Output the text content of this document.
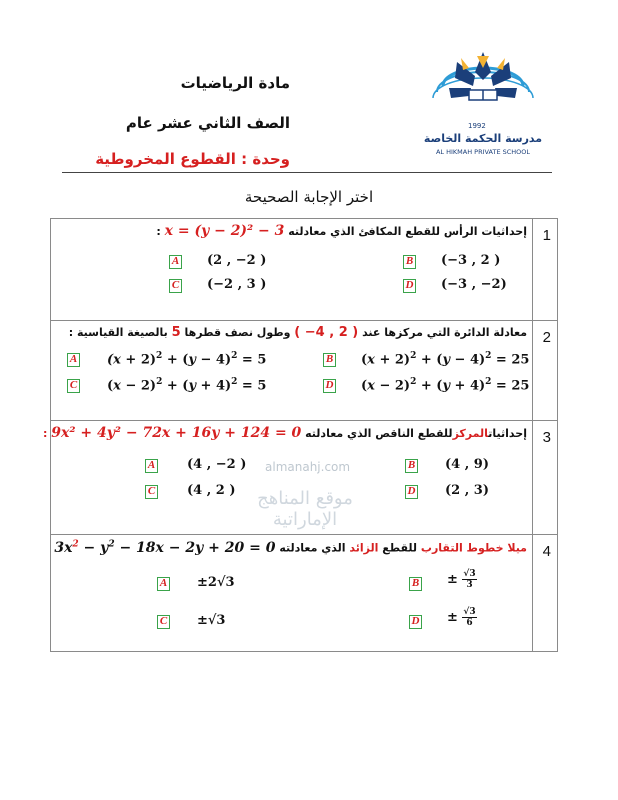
مادة الرياضيات
الصف الثاني عشر عام
وحدة : القطوع المخروطية
1992
مدرسة الحكمة الخاصة
AL HIKMAH PRIVATE SCHOOL
اختر الإجابة الصحيحة
1
إحداثيات الرأس للقطع المكافئ الذي معادلته x = (y − 2)² − 3 :
A (2 , −2 )	B (−3 , 2 )
C (−2 , 3 )	D (−3 , −2)
2
معادلة الدائرة التي مركزها عند ( 2 , 4− ) وطول نصف قطرها 5 بالصيغة القياسية :
A $(x + 2)^2 + (y - 4)^2 = 5$	B $(x + 2)^2 + (y - 4)^2 = 25$
C $(x - 2)^2 + (y + 4)^2 = 5$	D $(x - 2)^2 + (y + 4)^2 = 25$
3
إحداثياتالمركزللقطع الناقص الذي معادلته 9x² + 4y² − 72x + 16y + 124 = 0 :
A (4 , −2 )	B (4 , 9)
C (4 , 2 )	D (2 , 3)
4
ميلا خطوط التقارب للقطع الزائد الذي معادلته $3x^2 - y^2 - 18x - 2y + 20 = 0$
A ±2√3	$B \pm \frac{√3}{3}$
C ±√3	$D \pm \frac{√3}{6}$
almanahj.com
موقع المناهج الإماراتية
